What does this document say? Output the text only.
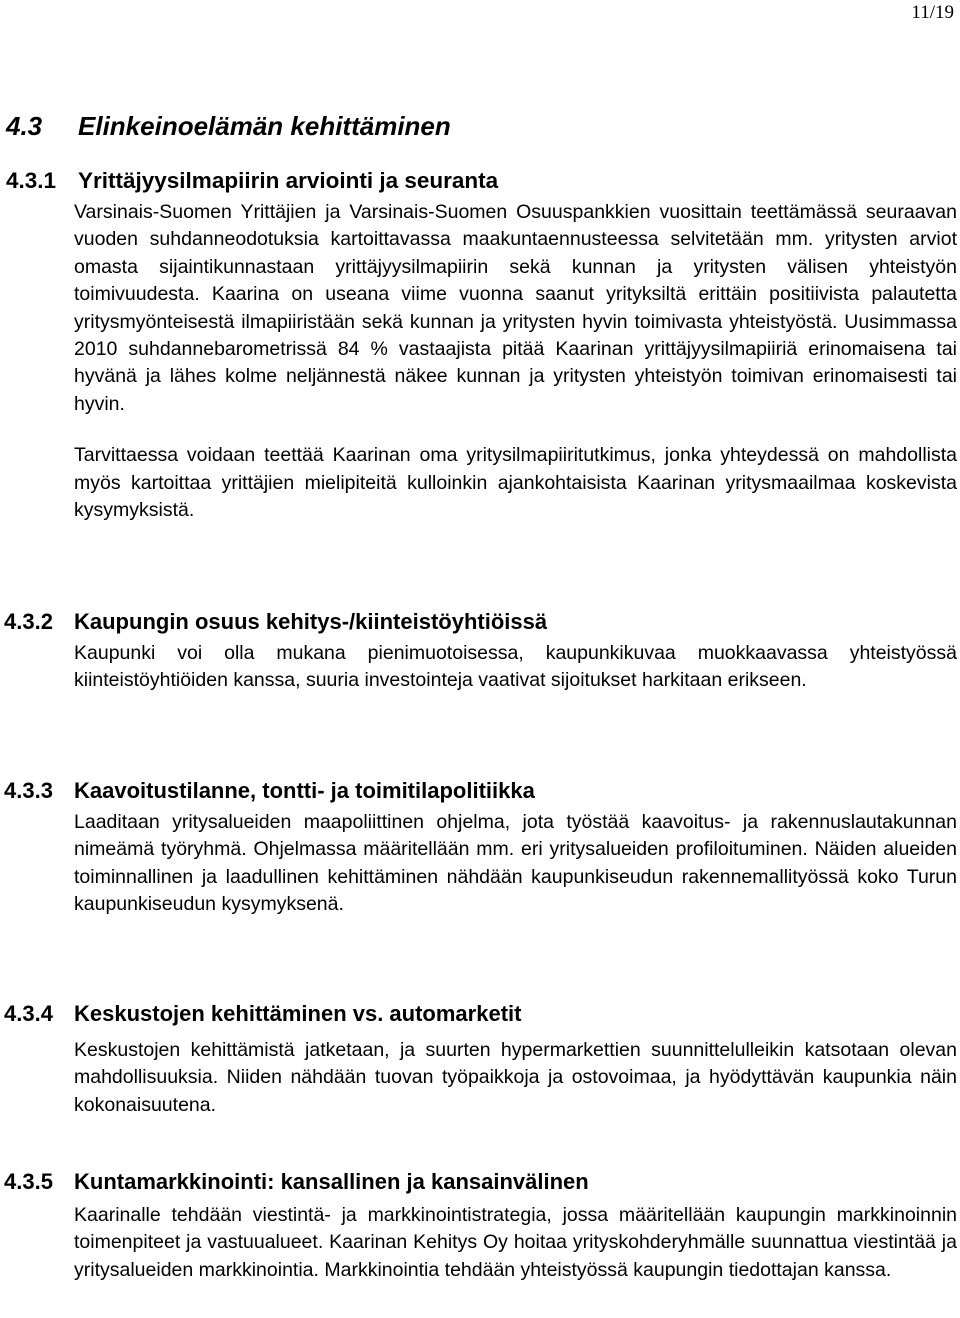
11/19
4.3 Elinkeinoelämän kehittäminen
4.3.1 Yrittäjyysilmapiirin arviointi ja seuranta

Varsinais-Suomen Yrittäjien ja Varsinais-Suomen Osuuspankkien vuosittain teettämässä seuraavan vuoden suhdanneodotuksia kartoittavassa maakuntaennusteessa selvitetään mm. yritysten arviot omasta sijaintikunnastaan yrittäjyysilmapiirin sekä kunnan ja yritysten välisen yhteistyön toimivuudesta. Kaarina on useana viime vuonna saanut yrityksiltä erittäin positiivista palautetta yritysmyönteisestä ilmapiiristään sekä kunnan ja yritysten hyvin toimivasta yhteistyöstä. Uusimmassa 2010 suhdannebarometrissä 84 % vastaajista pitää Kaarinan yrittäjyysilmapiiriä erinomaisena tai hyvänä ja lähes kolme neljännestä näkee kunnan ja yritysten yhteistyön toimivan erinomaisesti tai hyvin.

Tarvittaessa voidaan teettää Kaarinan oma yritysilmapiiritutkimus, jonka yhteydessä on mahdollista myös kartoittaa yrittäjien mielipiteitä kulloinkin ajankohtaisista Kaarinan yritysmaailmaa koskevista kysymyksistä.

4.3.2 Kaupungin osuus kehitys-/kiinteistöyhtiöissä

Kaupunki voi olla mukana pienimuotoisessa, kaupunkikuvaa muokkaavassa yhteistyössä kiinteistöyhtiöiden kanssa, suuria investointeja vaativat sijoitukset harkitaan erikseen.

4.3.3 Kaavoitustilanne, tontti- ja toimitilapolitiikka

Laaditaan yritysalueiden maapoliittinen ohjelma, jota työstää kaavoitus- ja rakennuslautakunnan nimeämä työryhmä. Ohjelmassa määritellään mm. eri yritysalueiden profiloituminen. Näiden alueiden toiminnallinen ja laadullinen kehittäminen nähdään kaupunkiseudun rakennemallityössä koko Turun kaupunkiseudun kysymyksenä.

4.3.4 Keskustojen kehittäminen vs. automarketit

Keskustojen kehittämistä jatketaan, ja suurten hypermarkettien suunnittelulleikin katsotaan olevan mahdollisuuksia. Niiden nähdään tuovan työpaikkoja ja ostovoimaa, ja hyödyttävän kaupunkia näin kokonaisuutena.

4.3.5 Kuntamarkkinointi: kansallinen ja kansainvälinen

Kaarinalle tehdään viestintä- ja markkinointistrategia, jossa määritellään kaupungin markkinoinnin toimenpiteet ja vastuualueet. Kaarinan Kehitys Oy hoitaa yrityskohderyhmälle suunnattua viestintää ja yritysalueiden markkinointia. Markkinointia tehdään yhteistyössä kaupungin tiedottajan kanssa.
